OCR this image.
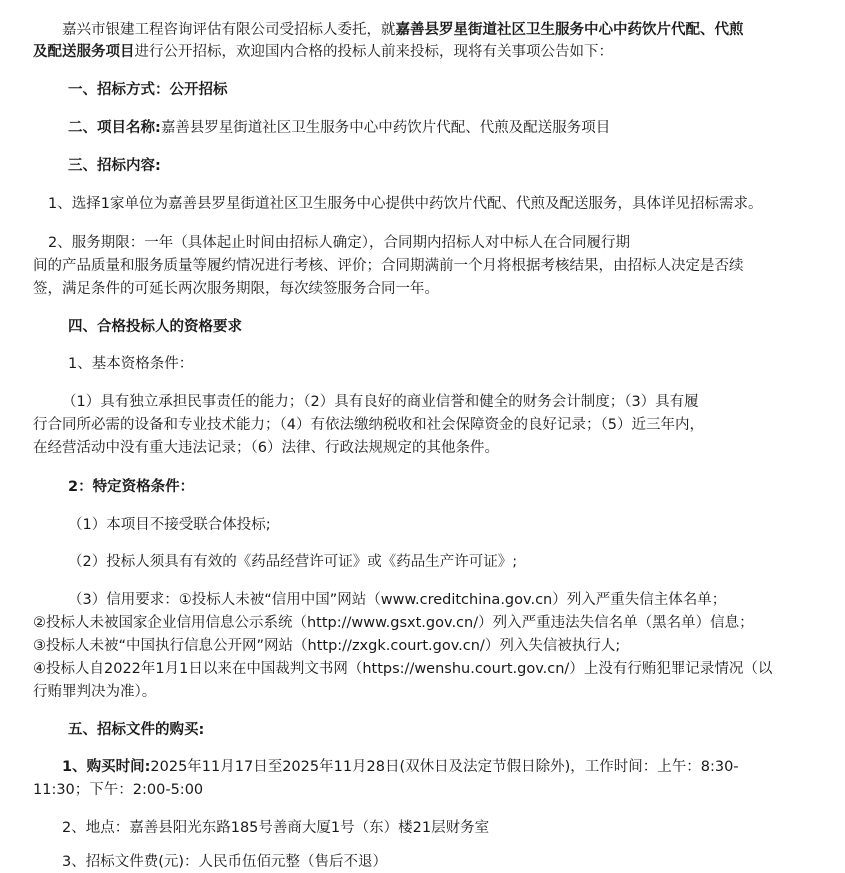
嘉兴市银建工程咨询评估有限公司受招标人委托，就嘉善县罗星街道社区卫生服务中心中药饮片代配、代煎
及配送服务项目进行公开招标，欢迎国内合格的投标人前来投标，现将有关事项公告如下：
一、招标方式：公开招标
二、项目名称:嘉善县罗星街道社区卫生服务中心中药饮片代配、代煎及配送服务项目
三、招标内容:
1、选择1家单位为嘉善县罗星街道社区卫生服务中心提供中药饮片代配、代煎及配送服务，具体详见招标需求。
2、服务期限：一年（具体起止时间由招标人确定），合同期内招标人对中标人在合同履行期
间的产品质量和服务质量等履约情况进行考核、评价；合同期满前一个月将根据考核结果，由招标人决定是否续
签，满足条件的可延长两次服务期限，每次续签服务合同一年。
四、合格投标人的资格要求
1、基本资格条件：
（1）具有独立承担民事责任的能力；（2）具有良好的商业信誉和健全的财务会计制度；（3）具有履
行合同所必需的设备和专业技术能力；（4）有依法缴纳税收和社会保障资金的良好记录；（5）近三年内，
在经营活动中没有重大违法记录；（6）法律、行政法规规定的其他条件。
2：特定资格条件：
（1）本项目不接受联合体投标;
（2）投标人须具有有效的《药品经营许可证》或《药品生产许可证》;
（3）信用要求：①投标人未被“信用中国”网站（www.creditchina.gov.cn）列入严重失信主体名单；
②投标人未被国家企业信用信息公示系统（http://www.gsxt.gov.cn/）列入严重违法失信名单（黑名单）信息；
③投标人未被“中国执行信息公开网”网站（http://zxgk.court.gov.cn/）列入失信被执行人;
④投标人自2022年1月1日以来在中国裁判文书网（https://wenshu.court.gov.cn/）上没有行贿犯罪记录情况（以
行贿罪判决为准）。
五、招标文件的购买:
1、购买时间:2025年11月17日至2025年11月28日(双休日及法定节假日除外)，工作时间：上午：8:30-
11:30；下午：2:00-5:00
2、地点：嘉善县阳光东路185号善商大厦1号（东）楼21层财务室
3、招标文件费(元)：人民币伍佰元整（售后不退）
